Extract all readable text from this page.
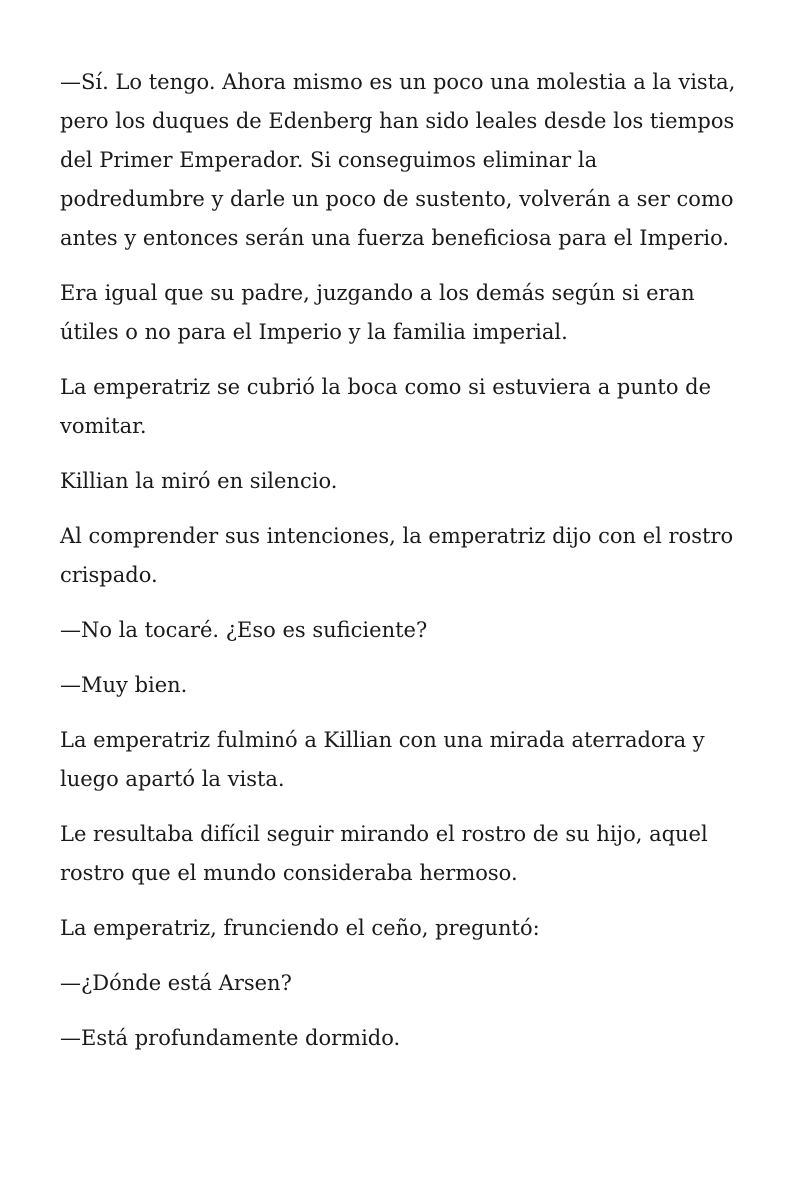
—Sí. Lo tengo. Ahora mismo es un poco una molestia a la vista, pero los duques de Edenberg han sido leales desde los tiempos del Primer Emperador. Si conseguimos eliminar la podredumbre y darle un poco de sustento, volverán a ser como antes y entonces serán una fuerza beneficiosa para el Imperio.

Era igual que su padre, juzgando a los demás según si eran útiles o no para el Imperio y la familia imperial.

La emperatriz se cubrió la boca como si estuviera a punto de vomitar.

Killian la miró en silencio.

Al comprender sus intenciones, la emperatriz dijo con el rostro crispado.

—No la tocaré. ¿Eso es suficiente?

—Muy bien.

La emperatriz fulminó a Killian con una mirada aterradora y luego apartó la vista.

Le resultaba difícil seguir mirando el rostro de su hijo, aquel rostro que el mundo consideraba hermoso.

La emperatriz, frunciendo el ceño, preguntó:

—¿Dónde está Arsen?

—Está profundamente dormido.
